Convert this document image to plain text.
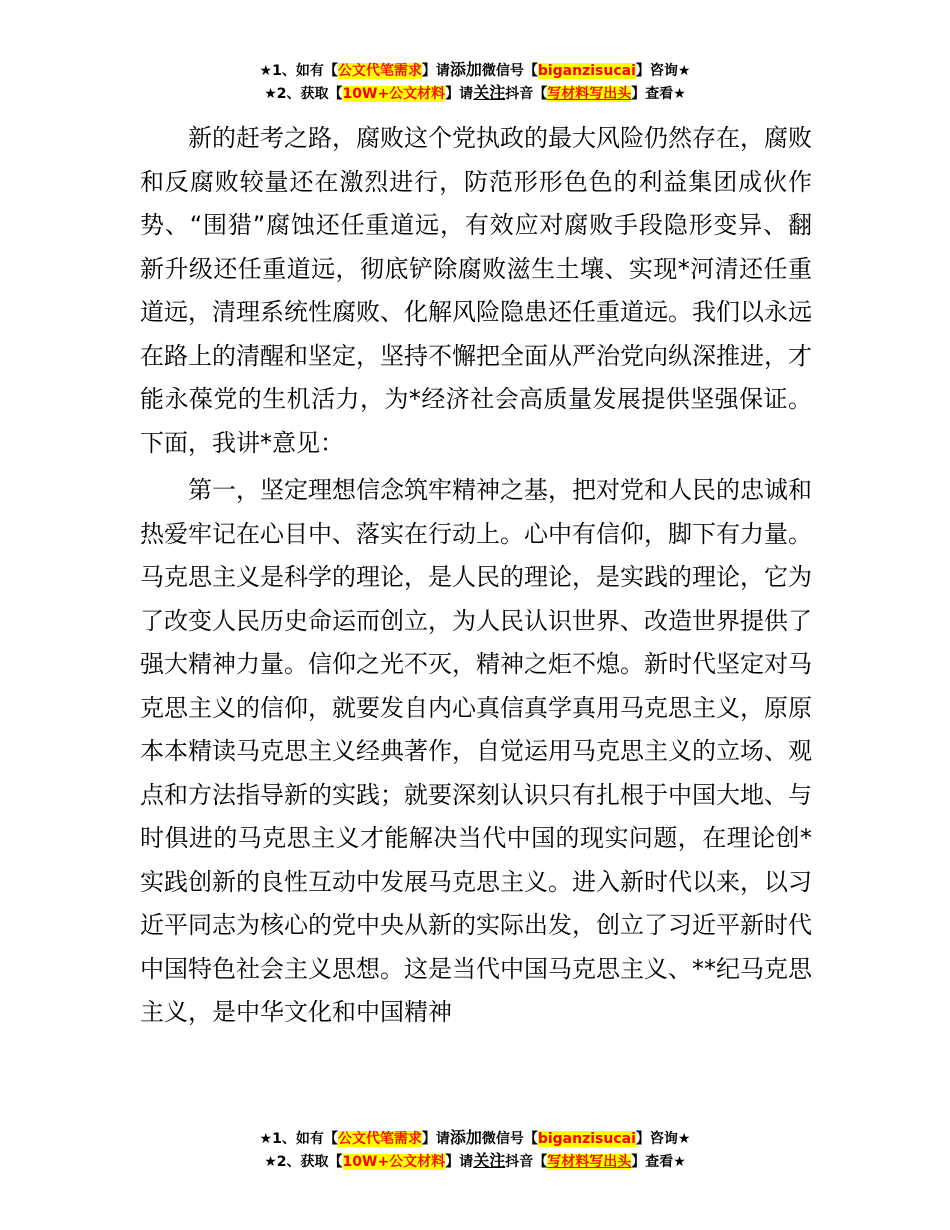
★1、如有【公文代笔需求】请添加微信号【biganzisucai】咨询★
★2、获取【10W+公文材料】请关注抖音【写材料写出头】查看★

新的赶考之路，腐败这个党执政的最大风险仍然存在，腐败和反腐败较量还在激烈进行，防范形形色色的利益集团成伙作势、“围猎”腐蚀还任重道远，有效应对腐败手段隐形变异、翻新升级还任重道远，彻底铲除腐败滋生土壤、实现*河清还任重道远，清理系统性腐败、化解风险隐患还任重道远。我们以永远在路上的清醒和坚定，坚持不懈把全面从严治党向纵深推进，才能永葆党的生机活力，为*经济社会高质量发展提供坚强保证。下面，我讲*意见：

第一，坚定理想信念筑牢精神之基，把对党和人民的忠诚和热爱牢记在心目中、落实在行动上。心中有信仰，脚下有力量。马克思主义是科学的理论，是人民的理论，是实践的理论，它为了改变人民历史命运而创立，为人民认识世界、改造世界提供了强大精神力量。信仰之光不灭，精神之炬不熄。新时代坚定对马克思主义的信仰，就要发自内心真信真学真用马克思主义，原原本本精读马克思主义经典著作，自觉运用马克思主义的立场、观点和方法指导新的实践；就要深刻认识只有扎根于中国大地、与时俱进的马克思主义才能解决当代中国的现实问题，在理论创*实践创新的良性互动中发展马克思主义。进入新时代以来，以习近平同志为核心的党中央从新的实际出发，创立了习近平新时代中国特色社会主义思想。这是当代中国马克思主义、**纪马克思主义，是中华文化和中国精神

★1、如有【公文代笔需求】请添加微信号【biganzisucai】咨询★
★2、获取【10W+公文材料】请关注抖音【写材料写出头】查看★
